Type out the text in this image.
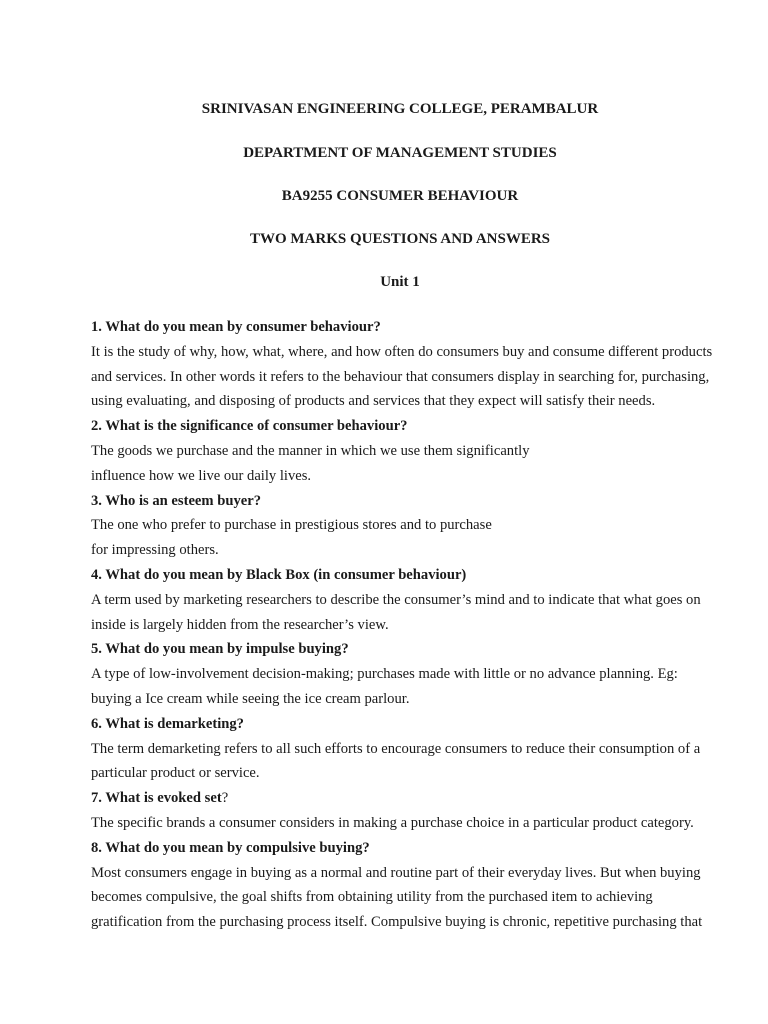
SRINIVASAN ENGINEERING COLLEGE, PERAMBALUR
DEPARTMENT OF MANAGEMENT STUDIES
BA9255 CONSUMER BEHAVIOUR
TWO MARKS QUESTIONS AND ANSWERS
Unit 1
1. What do you mean by consumer behaviour?
It is the study of why, how, what, where, and how often do consumers buy and consume different products
and services. In other words it refers to the behaviour that consumers display in searching for, purchasing,
using evaluating, and disposing of products and services that they expect will satisfy their needs.
2. What is the significance of consumer behaviour?
The goods we purchase and the manner in which we use them significantly
influence how we live our daily lives.
3. Who is an esteem buyer?
The one who prefer to purchase in prestigious stores and to purchase
for impressing others.
4. What do you mean by Black Box (in consumer behaviour)
A term used by marketing researchers to describe the consumer’s mind and to indicate that what goes on
inside is largely hidden from the researcher’s view.
5. What do you mean by impulse buying?
A type of low-involvement decision-making; purchases made with little or no advance planning. Eg:
buying a Ice cream while seeing the ice cream parlour.
6. What is demarketing?
The term demarketing refers to all such efforts to encourage consumers to reduce their consumption of a
particular product or service.
7. What is evoked set?
The specific brands a consumer considers in making a purchase choice in a particular product category.
8. What do you mean by compulsive buying?
Most consumers engage in buying as a normal and routine part of their everyday lives. But when buying
becomes compulsive, the goal shifts from obtaining utility from the purchased item to achieving
gratification from the purchasing process itself. Compulsive buying is chronic, repetitive purchasing that
